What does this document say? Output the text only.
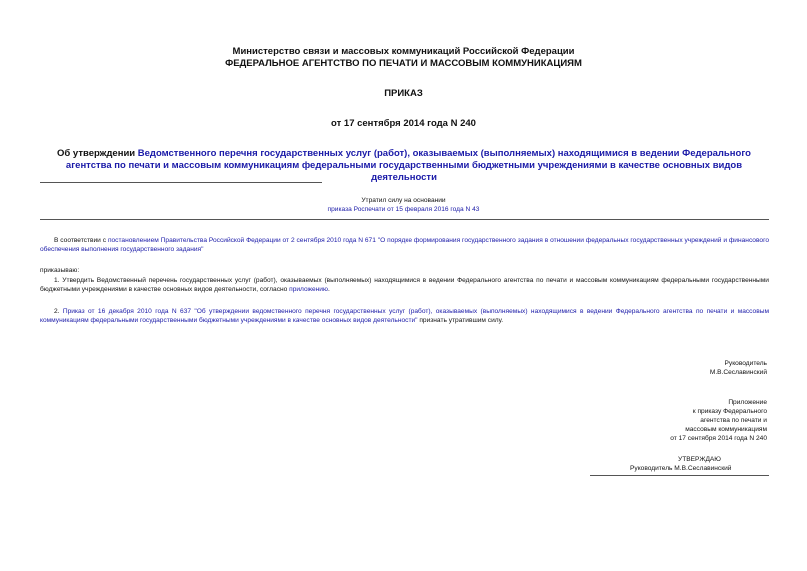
Министерство связи и массовых коммуникаций Российской Федерации
ФЕДЕРАЛЬНОЕ АГЕНТСТВО ПО ПЕЧАТИ И МАССОВЫМ КОММУНИКАЦИЯМ
ПРИКАЗ
от 17 сентября 2014 года N 240
Об утверждении Ведомственного перечня государственных услуг (работ), оказываемых (выполняемых) находящимися в ведении Федерального агентства по печати и массовым коммуникациям федеральными государственными бюджетными учреждениями в качестве основных видов деятельности
Утратил силу на основании
приказа Роспечати от 15 февраля 2016 года N 43
В соответствии с постановлением Правительства Российской Федерации от 2 сентября 2010 года N 671 "О порядке формирования государственного задания в отношении федеральных государственных учреждений и финансового обеспечения выполнения государственного задания"
приказываю:
1. Утвердить Ведомственный перечень государственных услуг (работ), оказываемых (выполняемых) находящимися в ведении Федерального агентства по печати и массовым коммуникациям федеральными государственными бюджетными учреждениями в качестве основных видов деятельности, согласно приложению.
2. Приказ от 16 декабря 2010 года N 637 "Об утверждении ведомственного перечня государственных услуг (работ), оказываемых (выполняемых) находящимися в ведении Федерального агентства по печати и массовым коммуникациям федеральными государственными бюджетными учреждениями в качестве основных видов деятельности" признать утратившим силу.
Руководитель
М.В.Сеславинский
Приложение
к приказу Федерального
агентства по печати и
массовым коммуникациям
от 17 сентября 2014 года N 240
УТВЕРЖДАЮ
Руководитель М.В.Сеславинский
